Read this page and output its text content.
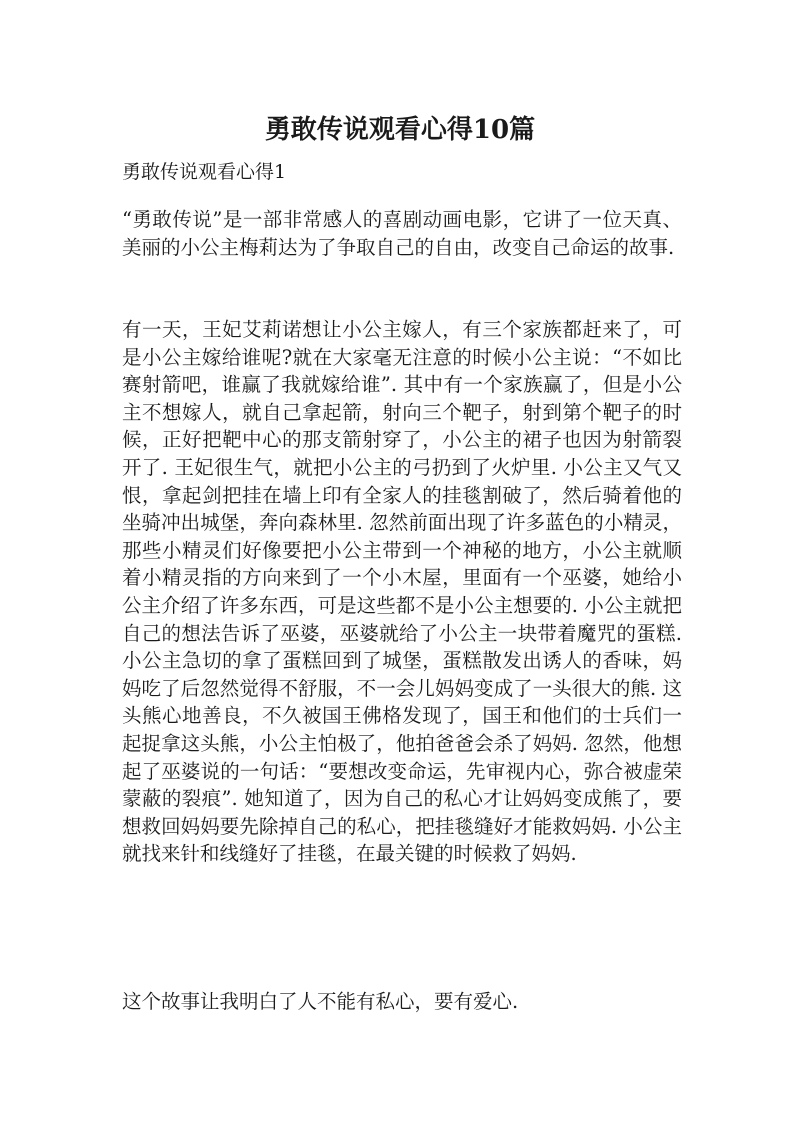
勇敢传说观看心得10篇
勇敢传说观看心得1

“勇敢传说”是一部非常感人的喜剧动画电影，它讲了一位天真、美丽的小公主梅莉达为了争取自己的自由，改变自己命运的故事.

有一天，王妃艾莉诺想让小公主嫁人，有三个家族都赶来了，可是小公主嫁给谁呢?就在大家毫无注意的时候小公主说：“不如比赛射箭吧，谁赢了我就嫁给谁”. 其中有一个家族赢了，但是小公主不想嫁人，就自己拿起箭，射向三个靶子，射到第个靶子的时候，正好把靶中心的那支箭射穿了，小公主的裙子也因为射箭裂开了. 王妃很生气，就把小公主的弓扔到了火炉里. 小公主又气又恨，拿起剑把挂在墙上印有全家人的挂毯割破了，然后骑着他的坐骑冲出城堡，奔向森林里. 忽然前面出现了许多蓝色的小精灵，那些小精灵们好像要把小公主带到一个神秘的地方，小公主就顺着小精灵指的方向来到了一个小木屋，里面有一个巫婆，她给小公主介绍了许多东西，可是这些都不是小公主想要的. 小公主就把自己的想法告诉了巫婆，巫婆就给了小公主一块带着魔咒的蛋糕. 小公主急切的拿了蛋糕回到了城堡，蛋糕散发出诱人的香味，妈妈吃了后忽然觉得不舒服，不一会儿妈妈变成了一头很大的熊. 这头熊心地善良，不久被国王佛格发现了，国王和他们的士兵们一起捉拿这头熊，小公主怕极了，他拍爸爸会杀了妈妈. 忽然，他想起了巫婆说的一句话：“要想改变命运，先审视内心，弥合被虚荣蒙蔽的裂痕”. 她知道了，因为自己的私心才让妈妈变成熊了，要想救回妈妈要先除掉自己的私心，把挂毯缝好才能救妈妈. 小公主就找来针和线缝好了挂毯，在最关键的时候救了妈妈.

这个故事让我明白了人不能有私心，要有爱心.
